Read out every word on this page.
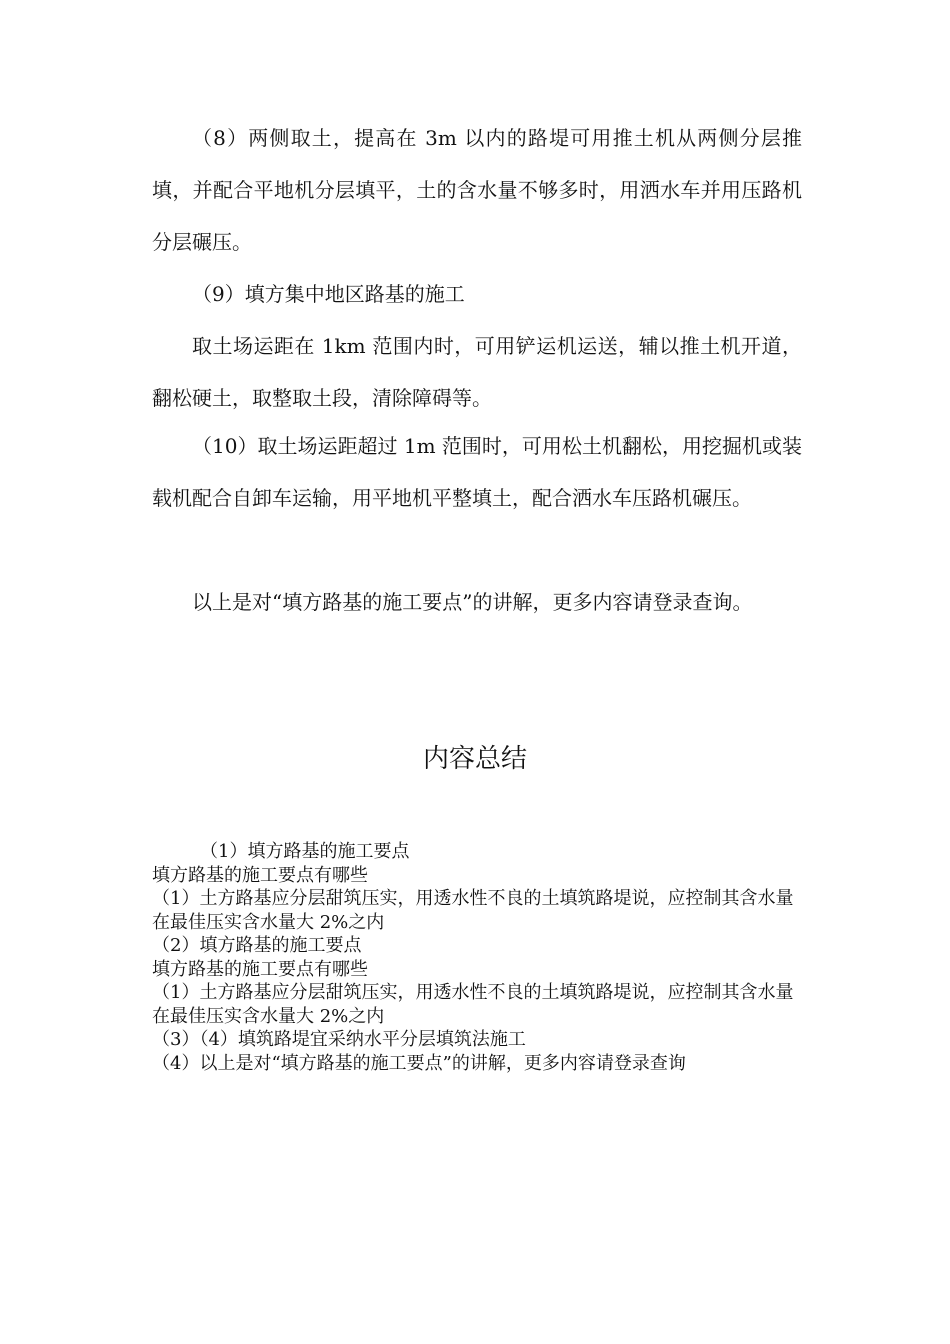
（8）两侧取土，提高在 3m 以内的路堤可用推土机从两侧分层推填，并配合平地机分层填平，土的含水量不够多时，用洒水车并用压路机分层碾压。

（9）填方集中地区路基的施工

取土场运距在 1km 范围内时，可用铲运机运送，辅以推土机开道，翻松硬土，取整取土段，清除障碍等。

（10）取土场运距超过 1m 范围时，可用松土机翻松，用挖掘机或装载机配合自卸车运输，用平地机平整填土，配合洒水车压路机碾压。

以上是对“填方路基的施工要点”的讲解，更多内容请登录查询。

内容总结
（1）填方路基的施工要点
填方路基的施工要点有哪些
（1）土方路基应分层甜筑压实，用透水性不良的土填筑路堤说，应控制其含水量在最佳压实含水量大 2%之内
（2）填方路基的施工要点
填方路基的施工要点有哪些
（1）土方路基应分层甜筑压实，用透水性不良的土填筑路堤说，应控制其含水量在最佳压实含水量大 2%之内
（3）（4）填筑路堤宜采纳水平分层填筑法施工
（4）以上是对“填方路基的施工要点”的讲解，更多内容请登录查询
